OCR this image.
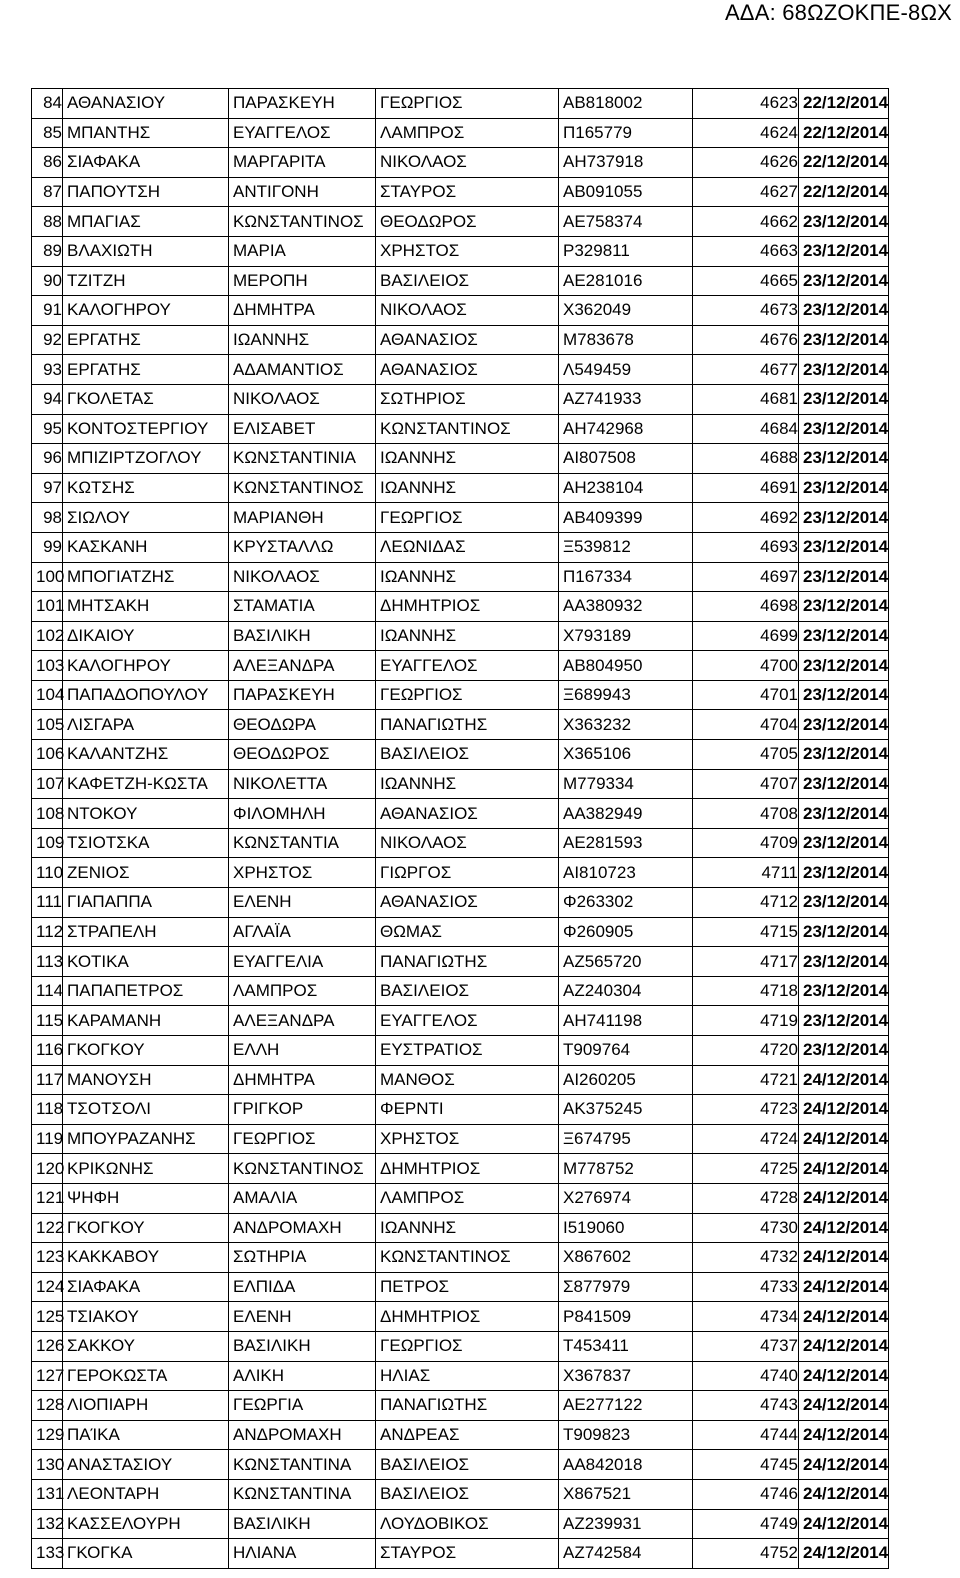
ΑΔΑ: 68ΩΖΟΚΠΕ-8ΩΧ
84	ΑΘΑΝΑΣΙΟΥ	ΠΑΡΑΣΚΕΥΗ	ΓΕΩΡΓΙΟΣ	ΑΒ818002	4623	22/12/2014
85	ΜΠΑΝΤΗΣ	ΕΥΑΓΓΕΛΟΣ	ΛΑΜΠΡΟΣ	Π165779	4624	22/12/2014
86	ΣΙΑΦΑΚΑ	ΜΑΡΓΑΡΙΤΑ	ΝΙΚΟΛΑΟΣ	ΑΗ737918	4626	22/12/2014
87	ΠΑΠΟΥΤΣΗ	ΑΝΤΙΓΟΝΗ	ΣΤΑΥΡΟΣ	ΑΒ091055	4627	22/12/2014
88	ΜΠΑΓΙΑΣ	ΚΩΝΣΤΑΝΤΙΝΟΣ	ΘΕΟΔΩΡΟΣ	ΑΕ758374	4662	23/12/2014
89	ΒΛΑΧΙΩΤΗ	ΜΑΡΙΑ	ΧΡΗΣΤΟΣ	Ρ329811	4663	23/12/2014
90	ΤΖΙΤΖΗ	ΜΕΡΟΠΗ	ΒΑΣΙΛΕΙΟΣ	ΑΕ281016	4665	23/12/2014
91	ΚΑΛΟΓΗΡΟΥ	ΔΗΜΗΤΡΑ	ΝΙΚΟΛΑΟΣ	Χ362049	4673	23/12/2014
92	ΕΡΓΑΤΗΣ	ΙΩΑΝΝΗΣ	ΑΘΑΝΑΣΙΟΣ	Μ783678	4676	23/12/2014
93	ΕΡΓΑΤΗΣ	ΑΔΑΜΑΝΤΙΟΣ	ΑΘΑΝΑΣΙΟΣ	Λ549459	4677	23/12/2014
94	ΓΚΟΛΕΤΑΣ	ΝΙΚΟΛΑΟΣ	ΣΩΤΗΡΙΟΣ	ΑΖ741933	4681	23/12/2014
95	ΚΟΝΤΟΣΤΕΡΓΙΟΥ	ΕΛΙΣΑΒΕΤ	ΚΩΝΣΤΑΝΤΙΝΟΣ	ΑΗ742968	4684	23/12/2014
96	ΜΠΙΖΙΡΤΖΟΓΛΟΥ	ΚΩΝΣΤΑΝΤΙΝΙΑ	ΙΩΑΝΝΗΣ	ΑΙ807508	4688	23/12/2014
97	ΚΩΤΣΗΣ	ΚΩΝΣΤΑΝΤΙΝΟΣ	ΙΩΑΝΝΗΣ	ΑΗ238104	4691	23/12/2014
98	ΣΙΩΛΟΥ	ΜΑΡΙΑΝΘΗ	ΓΕΩΡΓΙΟΣ	ΑΒ409399	4692	23/12/2014
99	ΚΑΣΚΑΝΗ	ΚΡΥΣΤΑΛΛΩ	ΛΕΩΝΙΔΑΣ	Ξ539812	4693	23/12/2014
100	ΜΠΟΓΙΑΤΖΗΣ	ΝΙΚΟΛΑΟΣ	ΙΩΑΝΝΗΣ	Π167334	4697	23/12/2014
101	ΜΗΤΣΑΚΗ	ΣΤΑΜΑΤΙΑ	ΔΗΜΗΤΡΙΟΣ	ΑΑ380932	4698	23/12/2014
102	ΔΙΚΑΙΟΥ	ΒΑΣΙΛΙΚΗ	ΙΩΑΝΝΗΣ	Χ793189	4699	23/12/2014
103	ΚΑΛΟΓΗΡΟΥ	ΑΛΕΞΑΝΔΡΑ	ΕΥΑΓΓΕΛΟΣ	ΑΒ804950	4700	23/12/2014
104	ΠΑΠΑΔΟΠΟΥΛΟΥ	ΠΑΡΑΣΚΕΥΗ	ΓΕΩΡΓΙΟΣ	Ξ689943	4701	23/12/2014
105	ΛΙΣΓΑΡΑ	ΘΕΟΔΩΡΑ	ΠΑΝΑΓΙΩΤΗΣ	Χ363232	4704	23/12/2014
106	ΚΑΛΑΝΤΖΗΣ	ΘΕΟΔΩΡΟΣ	ΒΑΣΙΛΕΙΟΣ	Χ365106	4705	23/12/2014
107	ΚΑΦΕΤΖΗ-ΚΩΣΤΑ	ΝΙΚΟΛΕΤΤΑ	ΙΩΑΝΝΗΣ	Μ779334	4707	23/12/2014
108	ΝΤΟΚΟΥ	ΦΙΛΟΜΗΛΗ	ΑΘΑΝΑΣΙΟΣ	ΑΑ382949	4708	23/12/2014
109	ΤΣΙΟΤΣΚΑ	ΚΩΝΣΤΑΝΤΙΑ	ΝΙΚΟΛΑΟΣ	ΑΕ281593	4709	23/12/2014
110	ΖΕΝΙΟΣ	ΧΡΗΣΤΟΣ	ΓΙΩΡΓΟΣ	ΑΙ810723	4711	23/12/2014
111	ΓΙΑΠΑΠΠΑ	ΕΛΕΝΗ	ΑΘΑΝΑΣΙΟΣ	Φ263302	4712	23/12/2014
112	ΣΤΡΑΠΕΛΗ	ΑΓΛΑΪΑ	ΘΩΜΑΣ	Φ260905	4715	23/12/2014
113	ΚΟΤΙΚΑ	ΕΥΑΓΓΕΛΙΑ	ΠΑΝΑΓΙΩΤΗΣ	ΑΖ565720	4717	23/12/2014
114	ΠΑΠΑΠΕΤΡΟΣ	ΛΑΜΠΡΟΣ	ΒΑΣΙΛΕΙΟΣ	ΑΖ240304	4718	23/12/2014
115	ΚΑΡΑΜΑΝΗ	ΑΛΕΞΑΝΔΡΑ	ΕΥΑΓΓΕΛΟΣ	ΑΗ741198	4719	23/12/2014
116	ΓΚΟΓΚΟΥ	ΕΛΛΗ	ΕΥΣΤΡΑΤΙΟΣ	Τ909764	4720	23/12/2014
117	ΜΑΝΟΥΣΗ	ΔΗΜΗΤΡΑ	ΜΑΝΘΟΣ	ΑΙ260205	4721	24/12/2014
118	ΤΣΟΤΣΟΛΙ	ΓΡΙΓΚΟΡ	ΦΕΡΝΤΙ	ΑΚ375245	4723	24/12/2014
119	ΜΠΟΥΡΑΖΑΝΗΣ	ΓΕΩΡΓΙΟΣ	ΧΡΗΣΤΟΣ	Ξ674795	4724	24/12/2014
120	ΚΡΙΚΩΝΗΣ	ΚΩΝΣΤΑΝΤΙΝΟΣ	ΔΗΜΗΤΡΙΟΣ	Μ778752	4725	24/12/2014
121	ΨΗΦΗ	ΑΜΑΛΙΑ	ΛΑΜΠΡΟΣ	Χ276974	4728	24/12/2014
122	ΓΚΟΓΚΟΥ	ΑΝΔΡΟΜΑΧΗ	ΙΩΑΝΝΗΣ	Ι519060	4730	24/12/2014
123	ΚΑΚΚΑΒΟΥ	ΣΩΤΗΡΙΑ	ΚΩΝΣΤΑΝΤΙΝΟΣ	Χ867602	4732	24/12/2014
124	ΣΙΑΦΑΚΑ	ΕΛΠΙΔΑ	ΠΕΤΡΟΣ	Σ877979	4733	24/12/2014
125	ΤΣΙΑΚΟΥ	ΕΛΕΝΗ	ΔΗΜΗΤΡΙΟΣ	Ρ841509	4734	24/12/2014
126	ΣΑΚΚΟΥ	ΒΑΣΙΛΙΚΗ	ΓΕΩΡΓΙΟΣ	Τ453411	4737	24/12/2014
127	ΓΕΡΟΚΩΣΤΑ	ΑΛΙΚΗ	ΗΛΙΑΣ	Χ367837	4740	24/12/2014
128	ΛΙΟΠΙΑΡΗ	ΓΕΩΡΓΙΑ	ΠΑΝΑΓΙΩΤΗΣ	ΑΕ277122	4743	24/12/2014
129	ΠΑΊΚΑ	ΑΝΔΡΟΜΑΧΗ	ΑΝΔΡΕΑΣ	Τ909823	4744	24/12/2014
130	ΑΝΑΣΤΑΣΙΟΥ	ΚΩΝΣΤΑΝΤΙΝΑ	ΒΑΣΙΛΕΙΟΣ	ΑΑ842018	4745	24/12/2014
131	ΛΕΟΝΤΑΡΗ	ΚΩΝΣΤΑΝΤΙΝΑ	ΒΑΣΙΛΕΙΟΣ	Χ867521	4746	24/12/2014
132	ΚΑΣΣΕΛΟΥΡΗ	ΒΑΣΙΛΙΚΗ	ΛΟΥΔΟΒΙΚΟΣ	ΑΖ239931	4749	24/12/2014
133	ΓΚΟΓΚΑ	ΗΛΙΑΝΑ	ΣΤΑΥΡΟΣ	ΑΖ742584	4752	24/12/2014
